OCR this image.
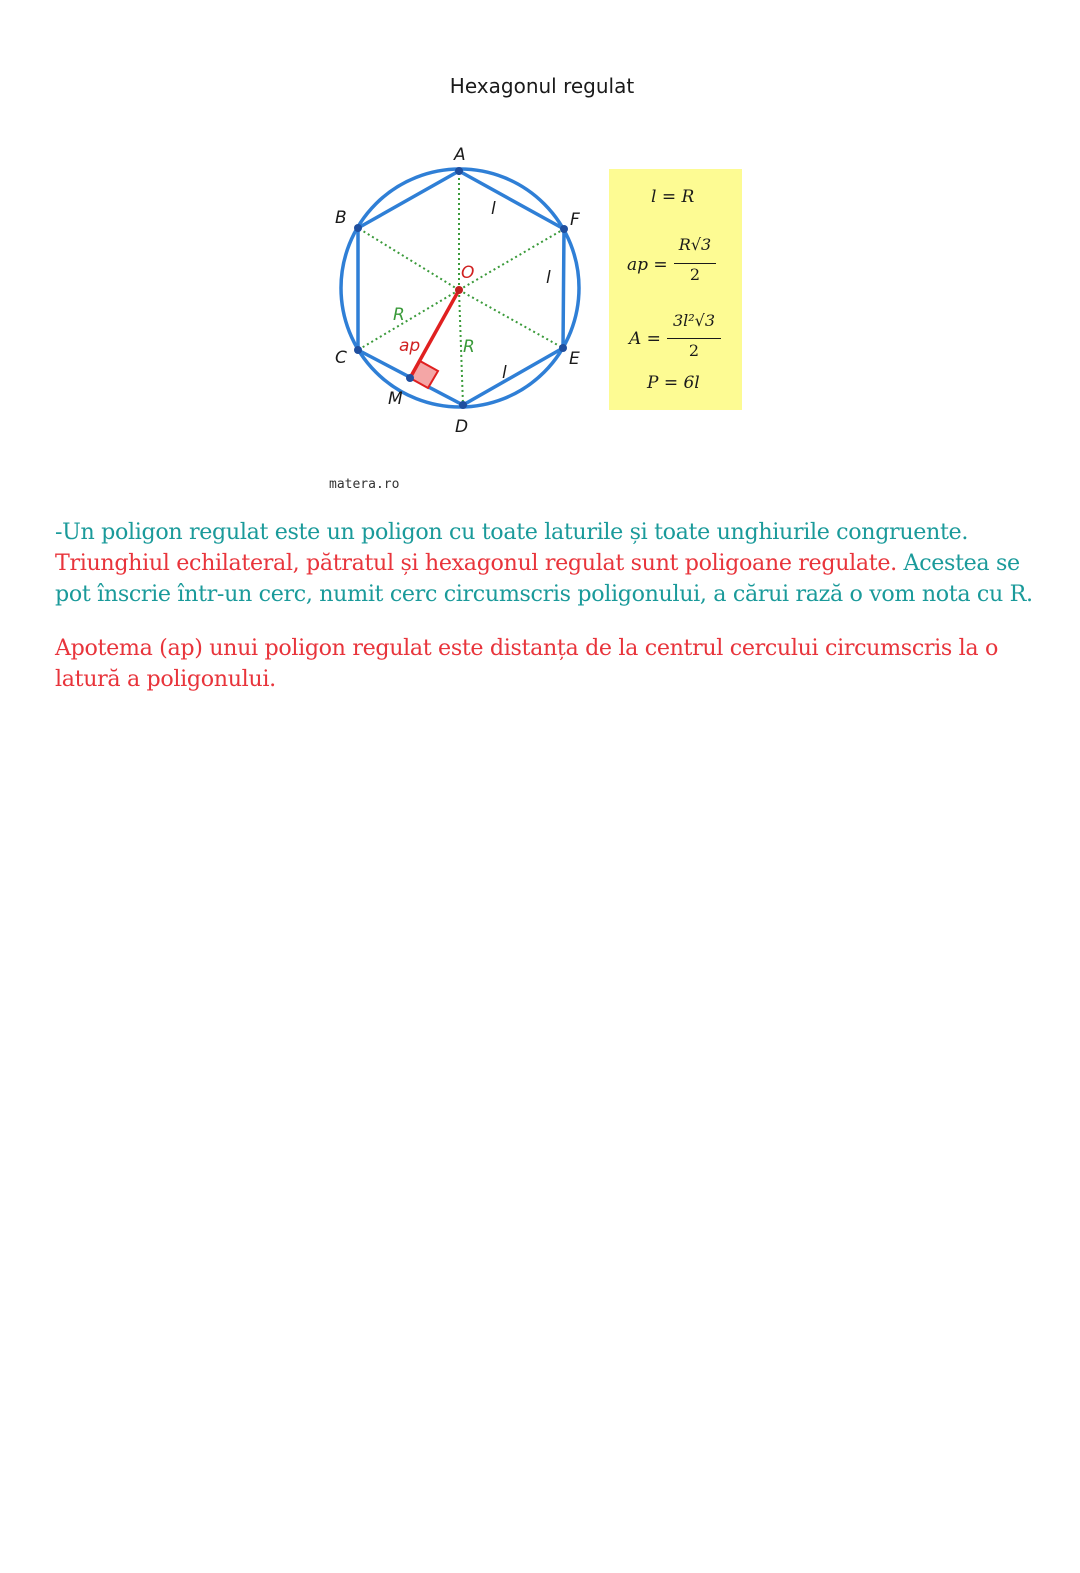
Hexagonul regulat
A
B
C
D
E
F
M
O
l
l
l
R
R
ap
l = R
ap =
R√3
2
A =
3l²√3
2
P = 6l
matera.ro
-Un poligon regulat este un poligon cu toate laturile și toate unghiurile congruente. Triunghiul echilateral, pătratul și hexagonul regulat sunt poligoane regulate. Acestea se pot înscrie într-un cerc, numit cerc circumscris poligonului, a cărui rază o vom nota cu R.
Apotema (ap) unui poligon regulat este distanța de la centrul cercului circumscris la o latură a poligonului.
